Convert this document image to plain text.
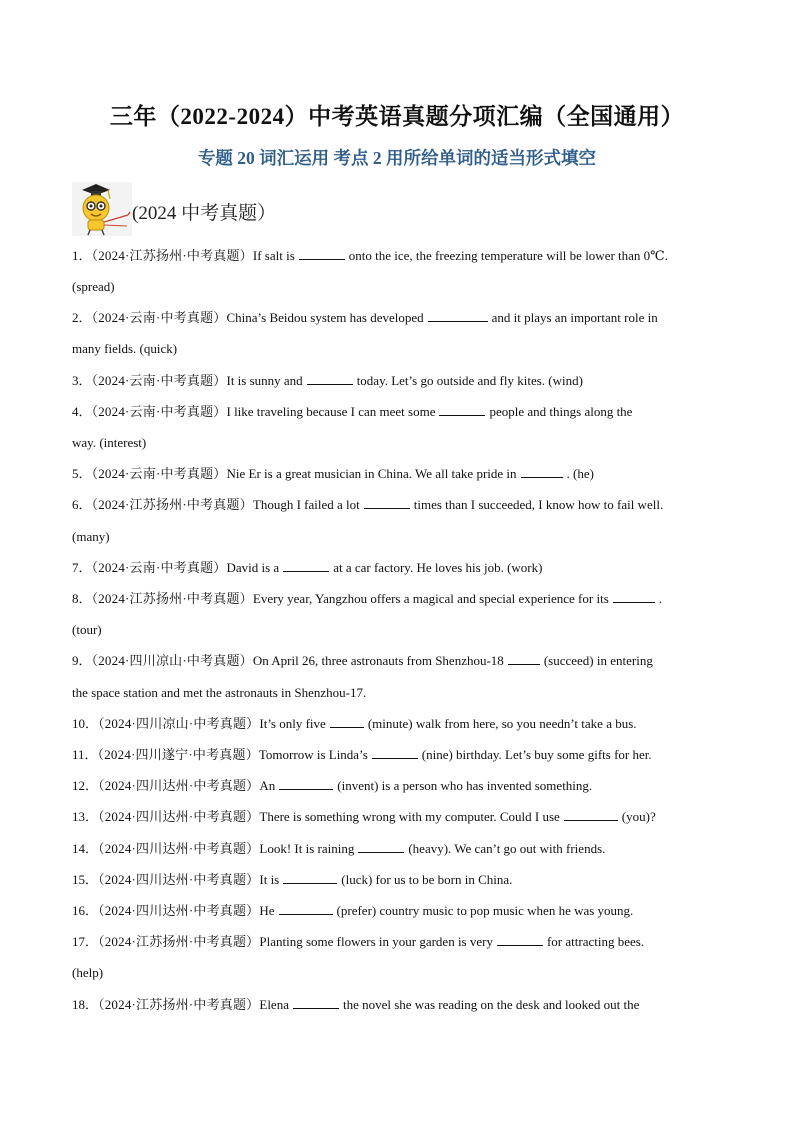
三年（2022-2024）中考英语真题分项汇编（全国通用）
专题 20 词汇运用 考点 2 用所给单词的适当形式填空
(2024 中考真题）
1．（2024·江苏扬州·中考真题）If salt is	onto the ice, the freezing temperature will be lower than 0℃.
(spread)
2．（2024·云南·中考真题）China’s Beidou system has developed	and it plays an important role in
many fields. (quick)
3．（2024·云南·中考真题）It is sunny and	today. Let’s go outside and fly kites. (wind)
4．（2024·云南·中考真题）I like traveling because I can meet some	people and things along the
way. (interest)
5．（2024·云南·中考真题）Nie Er is a great musician in China. We all take pride in	. (he)
6．（2024·江苏扬州·中考真题）Though I failed a lot	times than I succeeded, I know how to fail well.
(many)
7．（2024·云南·中考真题）David is a	at a car factory. He loves his job. (work)
8．（2024·江苏扬州·中考真题）Every year, Yangzhou offers a magical and special experience for its	.
(tour)
9．（2024·四川凉山·中考真题）On April 26, three astronauts from Shenzhou-18	(succeed) in entering
the space station and met the astronauts in Shenzhou-17.
10．（2024·四川凉山·中考真题）It’s only five	(minute) walk from here, so you needn’t take a bus.
11．（2024·四川遂宁·中考真题）Tomorrow is Linda’s	(nine) birthday. Let’s buy some gifts for her.
12．（2024·四川达州·中考真题）An	(invent) is a person who has invented something.
13．（2024·四川达州·中考真题）There is something wrong with my computer. Could I use	(you)?
14．（2024·四川达州·中考真题）Look! It is raining	(heavy). We can’t go out with friends.
15．（2024·四川达州·中考真题）It is	(luck) for us to be born in China.
16．（2024·四川达州·中考真题）He	(prefer) country music to pop music when he was young.
17．（2024·江苏扬州·中考真题）Planting some flowers in your garden is very	for attracting bees.
(help)
18．（2024·江苏扬州·中考真题）Elena	the novel she was reading on the desk and looked out the
